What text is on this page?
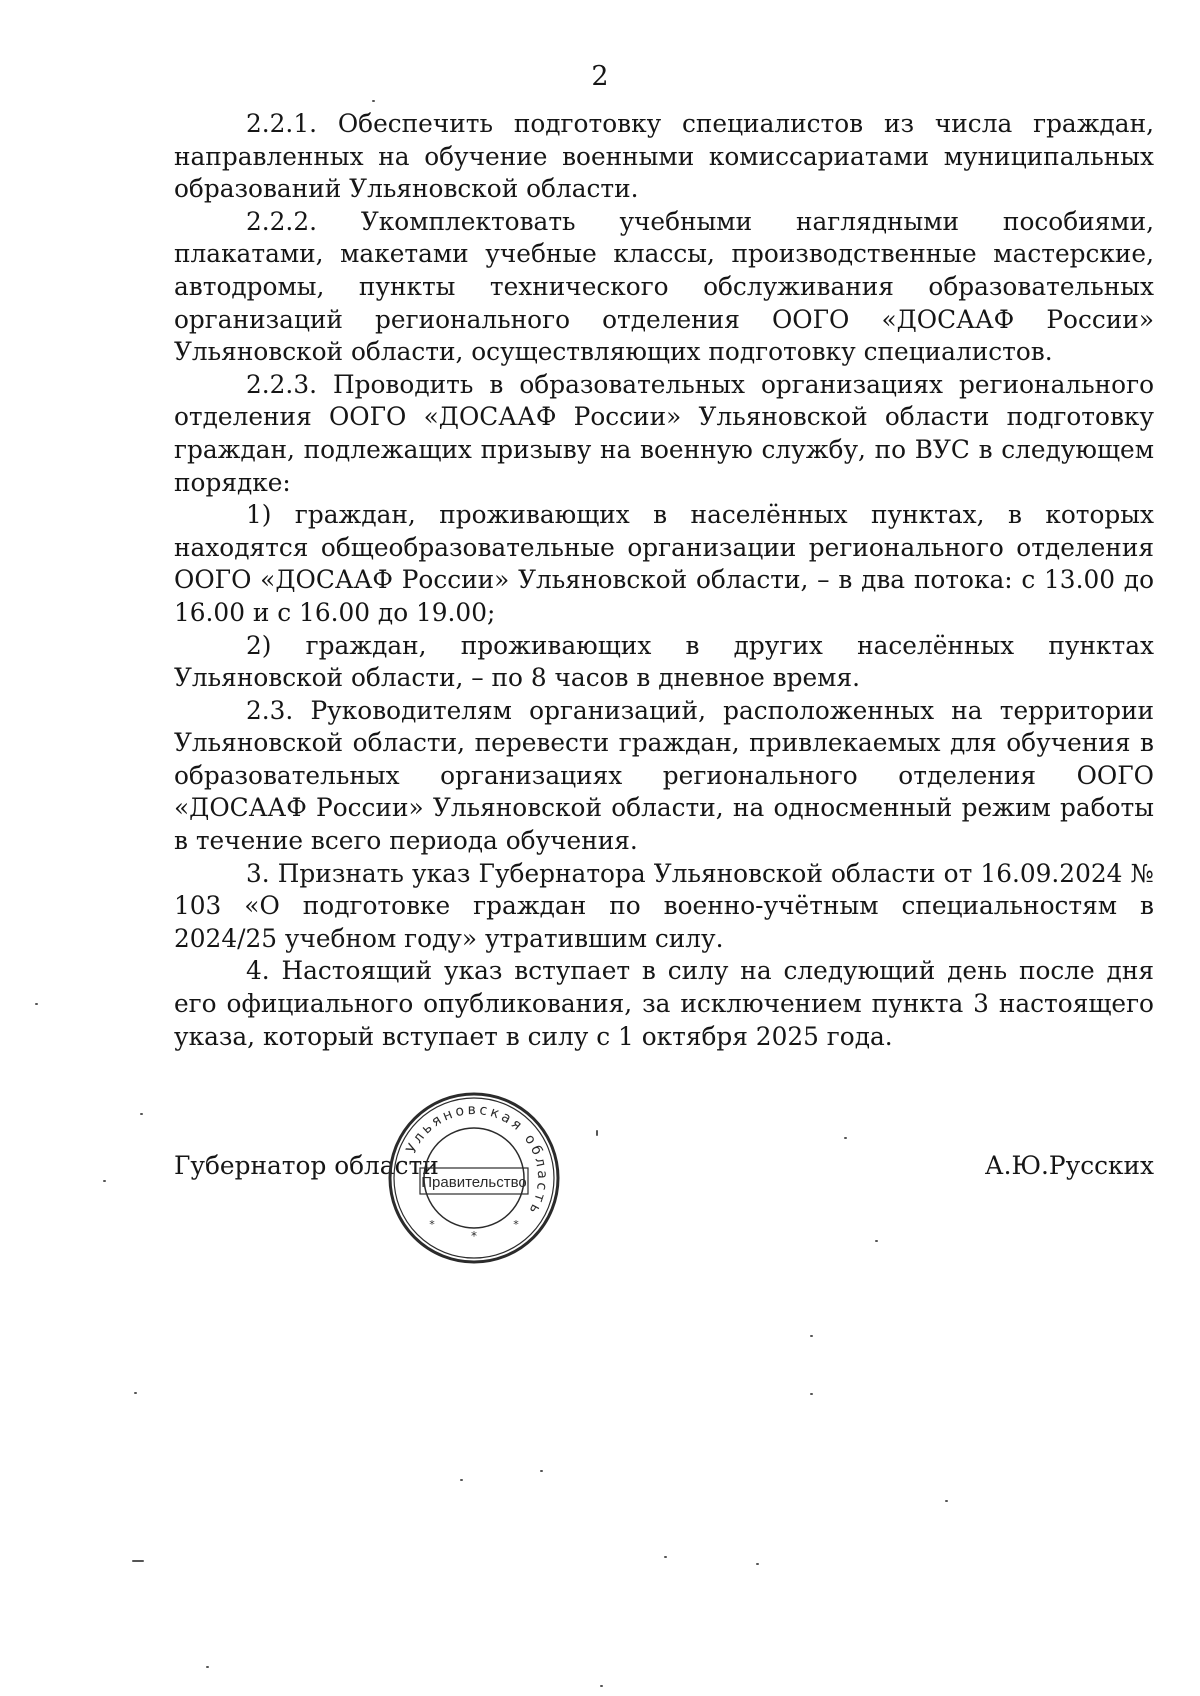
2

2.2.1. Обеспечить подготовку специалистов из числа граждан, направленных на обучение военными комиссариатами муниципальных образований Ульяновской области.

2.2.2. Укомплектовать учебными наглядными пособиями, плакатами, макетами учебные классы, производственные мастерские, автодромы, пункты технического обслуживания образовательных организаций регионального отделения ООГО «ДОСААФ России» Ульяновской области, осуществляющих подготовку специалистов.

2.2.3. Проводить в образовательных организациях регионального отделения ООГО «ДОСААФ России» Ульяновской области подготовку граждан, подлежащих призыву на военную службу, по ВУС в следующем порядке:

1) граждан, проживающих в населённых пунктах, в которых находятся общеобразовательные организации регионального отделения ООГО «ДОСААФ России» Ульяновской области, – в два потока: с 13.00 до 16.00 и с 16.00 до 19.00;

2) граждан, проживающих в других населённых пунктах Ульяновской области, – по 8 часов в дневное время.

2.3. Руководителям организаций, расположенных на территории Ульяновской области, перевести граждан, привлекаемых для обучения в образовательных организациях регионального отделения ООГО «ДОСААФ России» Ульяновской области, на односменный режим работы в течение всего периода обучения.

3. Признать указ Губернатора Ульяновской области от 16.09.2024 № 103 «О подготовке граждан по военно-учётным специальностям в 2024/25 учебном году» утратившим силу.

4. Настоящий указ вступает в силу на следующий день после дня его официального опубликования, за исключением пункта 3 настоящего указа, который вступает в силу с 1 октября 2025 года.

Губернатор области	А.Ю.Русских
Ульяновская область
Правительство
*
*	*
